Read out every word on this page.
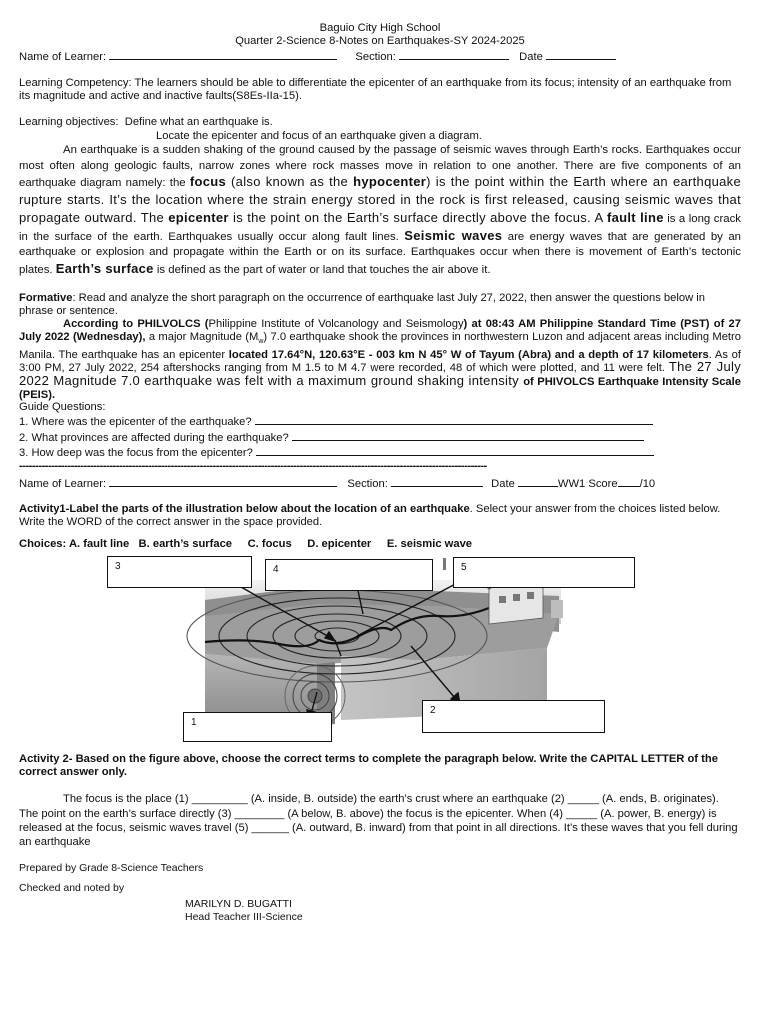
Baguio City High School
Quarter 2-Science 8-Notes on Earthquakes-SY 2024-2025
Name of Learner:	Section:	Date
Learning Competency: The learners should be able to differentiate the epicenter of an earthquake from its focus; intensity of an earthquake from its magnitude and active and inactive faults(S8Es-IIa-15).
Learning objectives: Define what an earthquake is.
Locate the epicenter and focus of an earthquake given a diagram.
An earthquake is a sudden shaking of the ground caused by the passage of seismic waves through Earth’s rocks. Earthquakes occur most often along geologic faults, narrow zones where rock masses move in relation to one another. There are five components of an earthquake diagram namely: the focus (also known as the hypocenter) is the point within the Earth where an earthquake rupture starts. It’s the location where the strain energy stored in the rock is first released, causing seismic waves that propagate outward. The epicenter is the point on the Earth’s surface directly above the focus. A fault line is a long crack in the surface of the earth. Earthquakes usually occur along fault lines. Seismic waves are energy waves that are generated by an earthquake or explosion and propagate within the Earth or on its surface. Earthquakes occur when there is movement of Earth’s tectonic plates. Earth’s surface is defined as the part of water or land that touches the air above it.
Formative: Read and analyze the short paragraph on the occurrence of earthquake last July 27, 2022, then answer the questions below in phrase or sentence.
According to PHILVOLCS (Philippine Institute of Volcanology and Seismology) at 08:43 AM Philippine Standard Time (PST) of 27 July 2022 (Wednesday), a major Magnitude $(M_w)$ 7.0 earthquake shook the provinces in northwestern Luzon and adjacent areas including Metro Manila. The earthquake has an epicenter located 17.64°N, 120.63°E - 003 km N 45° W of Tayum (Abra) and a depth of 17 kilometers. As of 3:00 PM, 27 July 2022, 254 aftershocks ranging from M 1.5 to M 4.7 were recorded, 48 of which were plotted, and 11 were felt. The 27 July 2022 Magnitude 7.0 earthquake was felt with a maximum ground shaking intensity of PHIVOLCS Earthquake Intensity Scale (PEIS).
Guide Questions:
1. Where was the epicenter of the earthquake?
2. What provinces are affected during the earthquake?
3. How deep was the focus from the epicenter?
-------------------------------------------------------------------------------------------------------------------------------------------------
Name of Learner:	Section:	Date	WW1 Score /10
Activity1-Label the parts of the illustration below about the location of an earthquake. Select your answer from the choices listed below. Write the WORD of the correct answer in the space provided.
Choices: A. fault line   B. earth’s surface     C. focus     D. epicenter     E. seismic wave
3	4	5
1
2
Activity 2- Based on the figure above, choose the correct terms to complete the paragraph below. Write the CAPITAL LETTER of the correct answer only.
The focus is the place (1) _________ (A. inside, B. outside) the earth’s crust where an earthquake (2) _____ (A. ends, B. originates). The point on the earth’s surface directly (3) ________ (A below, B. above) the focus is the epicenter. When (4) _____ (A. power, B. energy) is released at the focus, seismic waves travel (5) ______ (A. outward, B. inward) from that point in all directions. It’s these waves that you fell during an earthquake
Prepared by Grade 8-Science Teachers
Checked and noted by
MARILYN D. BUGATTI
Head Teacher III-Science
